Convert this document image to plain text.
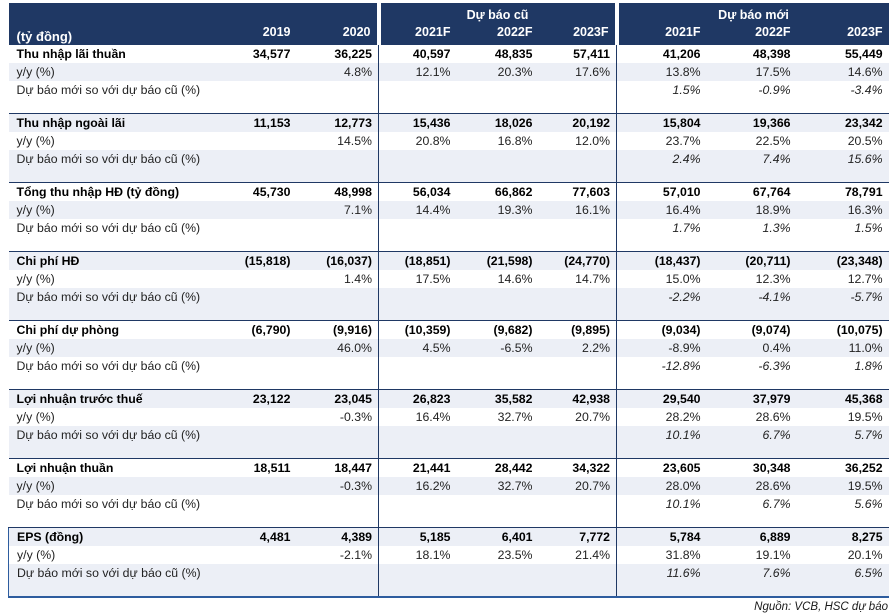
(tỷ đồng)			Dự báo cũ			Dự báo mới		
	2019	2020	2021F	2022F	2023F	2021F	2022F	2023F
Thu nhập lãi thuần	34,577	36,225	40,597	48,835	57,411	41,206	48,398	55,449
y/y (%)		4.8%	12.1%	20.3%	17.6%	13.8%	17.5%	14.6%
Dự báo mới so với dự báo cũ (%)						1.5%	-0.9%	-3.4%
Thu nhập ngoài lãi	11,153	12,773	15,436	18,026	20,192	15,804	19,366	23,342
y/y (%)		14.5%	20.8%	16.8%	12.0%	23.7%	22.5%	20.5%
Dự báo mới so với dự báo cũ (%)						2.4%	7.4%	15.6%
Tổng thu nhập HĐ (tỷ đồng)	45,730	48,998	56,034	66,862	77,603	57,010	67,764	78,791
y/y (%)		7.1%	14.4%	19.3%	16.1%	16.4%	18.9%	16.3%
Dự báo mới so với dự báo cũ (%)						1.7%	1.3%	1.5%
Chi phí HĐ	(15,818)	(16,037)	(18,851)	(21,598)	(24,770)	(18,437)	(20,711)	(23,348)
y/y (%)		1.4%	17.5%	14.6%	14.7%	15.0%	12.3%	12.7%
Dự báo mới so với dự báo cũ (%)						-2.2%	-4.1%	-5.7%
Chi phí dự phòng	(6,790)	(9,916)	(10,359)	(9,682)	(9,895)	(9,034)	(9,074)	(10,075)
y/y (%)		46.0%	4.5%	-6.5%	2.2%	-8.9%	0.4%	11.0%
Dự báo mới so với dự báo cũ (%)						-12.8%	-6.3%	1.8%
Lợi nhuận trước thuế	23,122	23,045	26,823	35,582	42,938	29,540	37,979	45,368
y/y (%)		-0.3%	16.4%	32.7%	20.7%	28.2%	28.6%	19.5%
Dự báo mới so với dự báo cũ (%)						10.1%	6.7%	5.7%
Lợi nhuận thuần	18,511	18,447	21,441	28,442	34,322	23,605	30,348	36,252
y/y (%)		-0.3%	16.2%	32.7%	20.7%	28.0%	28.6%	19.5%
Dự báo mới so với dự báo cũ (%)						10.1%	6.7%	5.6%
EPS (đồng)	4,481	4,389	5,185	6,401	7,772	5,784	6,889	8,275
y/y (%)		-2.1%	18.1%	23.5%	21.4%	31.8%	19.1%	20.1%
Dự báo mới so với dự báo cũ (%)						11.6%	7.6%	6.5%
Nguồn: VCB, HSC dự báo
